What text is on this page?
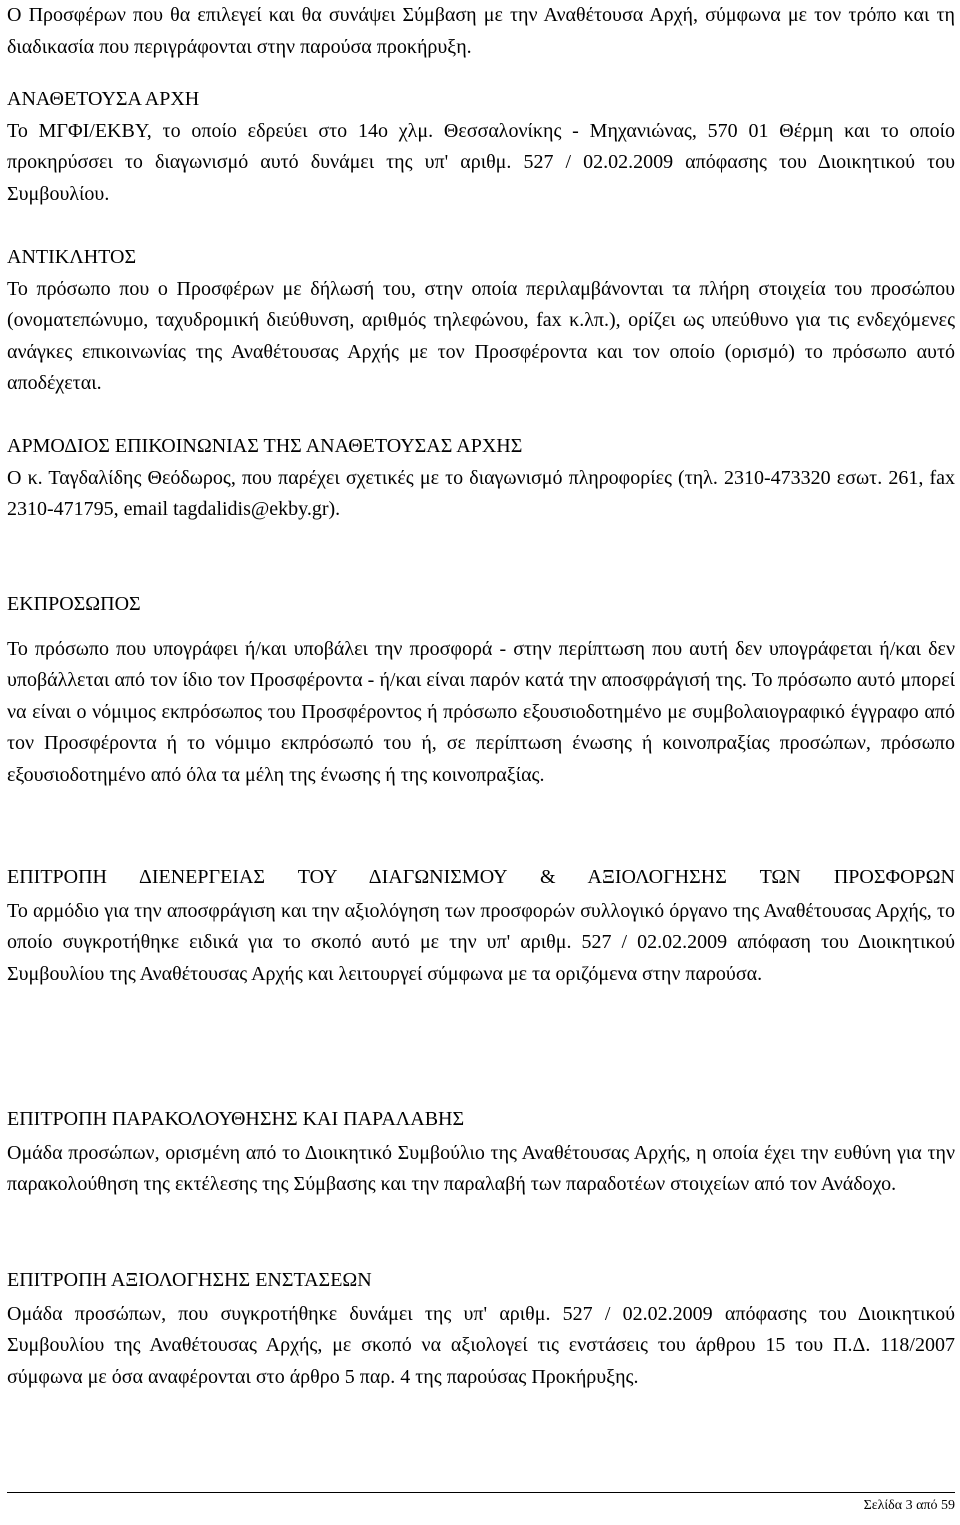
Ο Προσφέρων που θα επιλεγεί και θα συνάψει Σύμβαση με την Αναθέτουσα Αρχή, σύμφωνα με τον τρόπο και τη διαδικασία που περιγράφονται στην παρούσα προκήρυξη.

ΑΝΑΘΕΤΟΥΣΑ ΑΡΧΗ

Το ΜΓΦΙ/ΕΚΒΥ, το οποίο εδρεύει στο 14ο χλμ. Θεσσαλονίκης - Μηχανιώνας, 570 01 Θέρμη και το οποίο προκηρύσσει το διαγωνισμό αυτό δυνάμει της υπ' αριθμ. 527 / 02.02.2009 απόφασης του Διοικητικού του Συμβουλίου.

ΑΝΤΙΚΛΗΤΟΣ

Το πρόσωπο που ο Προσφέρων με δήλωσή του, στην οποία περιλαμβάνονται τα πλήρη στοιχεία του προσώπου (ονοματεπώνυμο, ταχυδρομική διεύθυνση, αριθμός τηλεφώνου, fax κ.λπ.), ορίζει ως υπεύθυνο για τις ενδεχόμενες ανάγκες επικοινωνίας της Αναθέτουσας Αρχής με τον Προσφέροντα και τον οποίο (ορισμό) το πρόσωπο αυτό αποδέχεται.

ΑΡΜΟΔΙΟΣ ΕΠΙΚΟΙΝΩΝΙΑΣ ΤΗΣ ΑΝΑΘΕΤΟΥΣΑΣ ΑΡΧΗΣ

Ο κ. Ταγδαλίδης Θεόδωρος, που παρέχει σχετικές με το διαγωνισμό πληροφορίες (τηλ. 2310-473320 εσωτ. 261, fax 2310-471795, email tagdalidis@ekby.gr).

ΕΚΠΡΟΣΩΠΟΣ

Το πρόσωπο που υπογράφει ή/και υποβάλει την προσφορά - στην περίπτωση που αυτή δεν υπογράφεται ή/και δεν υποβάλλεται από τον ίδιο τον Προσφέροντα - ή/και είναι παρόν κατά την αποσφράγισή της. Το πρόσωπο αυτό μπορεί να είναι ο νόμιμος εκπρόσωπος του Προσφέροντος ή πρόσωπο εξουσιοδοτημένο με συμβολαιογραφικό έγγραφο από τον Προσφέροντα ή το νόμιμο εκπρόσωπό του ή, σε περίπτωση ένωσης ή κοινοπραξίας προσώπων, πρόσωπο εξουσιοδοτημένο από όλα τα μέλη της ένωσης ή της κοινοπραξίας.

ΕΠΙΤΡΟΠΗ ΔΙΕΝΕΡΓΕΙΑΣ ΤΟΥ ΔΙΑΓΩΝΙΣΜΟΥ & ΑΞΙΟΛΟΓΗΣΗΣ ΤΩΝ ΠΡΟΣΦΟΡΩΝ

Το αρμόδιο για την αποσφράγιση και την αξιολόγηση των προσφορών συλλογικό όργανο της Αναθέτουσας Αρχής, το οποίο συγκροτήθηκε ειδικά για το σκοπό αυτό με την υπ' αριθμ. 527 / 02.02.2009 απόφαση του Διοικητικού Συμβουλίου της Αναθέτουσας Αρχής και λειτουργεί σύμφωνα με τα οριζόμενα στην παρούσα.

ΕΠΙΤΡΟΠΗ ΠΑΡΑΚΟΛΟΥΘΗΣΗΣ ΚΑΙ ΠΑΡΑΛΑΒΗΣ

Ομάδα προσώπων, ορισμένη από το Διοικητικό Συμβούλιο της Αναθέτουσας Αρχής, η οποία έχει την ευθύνη για την παρακολούθηση της εκτέλεσης της Σύμβασης και την παραλαβή των παραδοτέων στοιχείων από τον Ανάδοχο.

ΕΠΙΤΡΟΠΗ ΑΞΙΟΛΟΓΗΣΗΣ ΕΝΣΤΑΣΕΩΝ

Ομάδα προσώπων, που συγκροτήθηκε δυνάμει της υπ' αριθμ. 527 / 02.02.2009 απόφασης του Διοικητικού Συμβουλίου της Αναθέτουσας Αρχής, με σκοπό να αξιολογεί τις ενστάσεις του άρθρου 15 του Π.Δ. 118/2007 σύμφωνα με όσα αναφέρονται στο άρθρο 5 παρ. 4 της παρούσας Προκήρυξης.

Σελίδα 3 από 59
